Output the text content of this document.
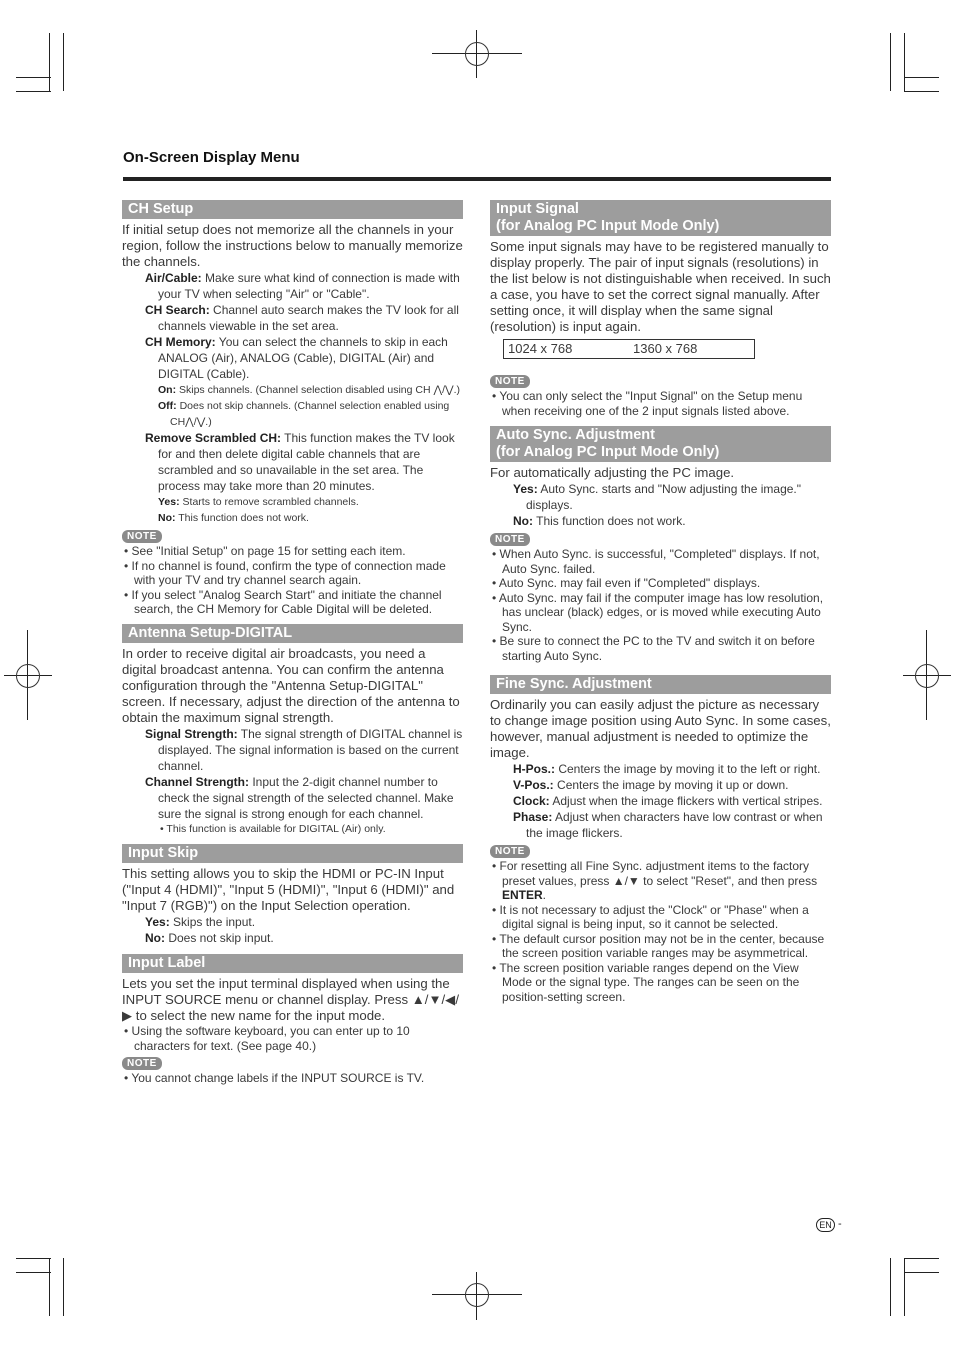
On-Screen Display Menu
CH Setup

If initial setup does not memorize all the channels in your region, follow the instructions below to manually memorize the channels.

Air/Cable: Make sure what kind of connection is made with your TV when selecting "Air" or "Cable".

CH Search: Channel auto search makes the TV look for all channels viewable in the set area.

CH Memory: You can select the channels to skip in each ANALOG (Air), ANALOG (Cable), DIGITAL (Air) and DIGITAL (Cable).

On: Skips channels. (Channel selection disabled using CH ⋀/⋁.)

Off: Does not skip channels. (Channel selection enabled using CH⋀/⋁.)

Remove Scrambled CH: This function makes the TV look for and then delete digital cable channels that are scrambled and so unavailable in the set area. The process may take more than 20 minutes.

Yes: Starts to remove scrambled channels.

No: This function does not work.

NOTE

• See "Initial Setup" on page 15 for setting each item.

• If no channel is found, confirm the type of connection made with your TV and try channel search again.

• If you select "Analog Search Start" and initiate the channel search, the CH Memory for Cable Digital will be deleted.

Antenna Setup-DIGITAL

In order to receive digital air broadcasts, you need a digital broadcast antenna. You can confirm the antenna configuration through the "Antenna Setup-DIGITAL" screen. If necessary, adjust the direction of the antenna to obtain the maximum signal strength.

Signal Strength: The signal strength of DIGITAL channel is displayed. The signal information is based on the current channel.

Channel Strength: Input the 2-digit channel number to check the signal strength of the selected channel. Make sure the signal is strong enough for each channel.

• This function is available for DIGITAL (Air) only.

Input Skip

This setting allows you to skip the HDMI or PC-IN Input ("Input 4 (HDMI)", "Input 5 (HDMI)", "Input 6 (HDMI)" and "Input 7 (RGB)") on the Input Selection operation.

Yes: Skips the input.

No: Does not skip input.

Input Label

Lets you set the input terminal displayed when using the INPUT SOURCE menu or channel display. Press ▲/▼/◀/▶ to select the new name for the input mode.

• Using the software keyboard, you can enter up to 10 characters for text. (See page 40.)

NOTE

• You cannot change labels if the INPUT SOURCE is TV.

Input Signal
(for Analog PC Input Mode Only)

Some input signals may have to be registered manually to display properly. The pair of input signals (resolutions) in the list below is not distinguishable when received. In such a case, you have to set the correct signal manually. After setting once, it will display when the same signal (resolution) is input again.

1024 x 768	1360 x 768
NOTE

• You can only select the "Input Signal" on the Setup menu when receiving one of the 2 input signals listed above.

Auto Sync. Adjustment
(for Analog PC Input Mode Only)

For automatically adjusting the PC image.

Yes: Auto Sync. starts and "Now adjusting the image." displays.

No: This function does not work.

NOTE

• When Auto Sync. is successful, "Completed" displays. If not, Auto Sync. failed.

• Auto Sync. may fail even if "Completed" displays.

• Auto Sync. may fail if the computer image has low resolution, has unclear (black) edges, or is moved while executing Auto Sync.

• Be sure to connect the PC to the TV and switch it on before starting Auto Sync.

Fine Sync. Adjustment

Ordinarily you can easily adjust the picture as necessary to change image position using Auto Sync. In some cases, however, manual adjustment is needed to optimize the image.

H-Pos.: Centers the image by moving it to the left or right.

V-Pos.: Centers the image by moving it up or down.

Clock: Adjust when the image flickers with vertical stripes.

Phase: Adjust when characters have low contrast or when the image flickers.

NOTE

• For resetting all Fine Sync. adjustment items to the factory preset values, press ▲/▼ to select "Reset", and then press ENTER.

• It is not necessary to adjust the "Clock" or "Phase" when a digital signal is being input, so it cannot be selected.

• The default cursor position may not be in the center, because the screen position variable ranges may be asymmetrical.

• The screen position variable ranges depend on the View Mode or the signal type. The ranges can be seen on the position-setting screen.

EN -
